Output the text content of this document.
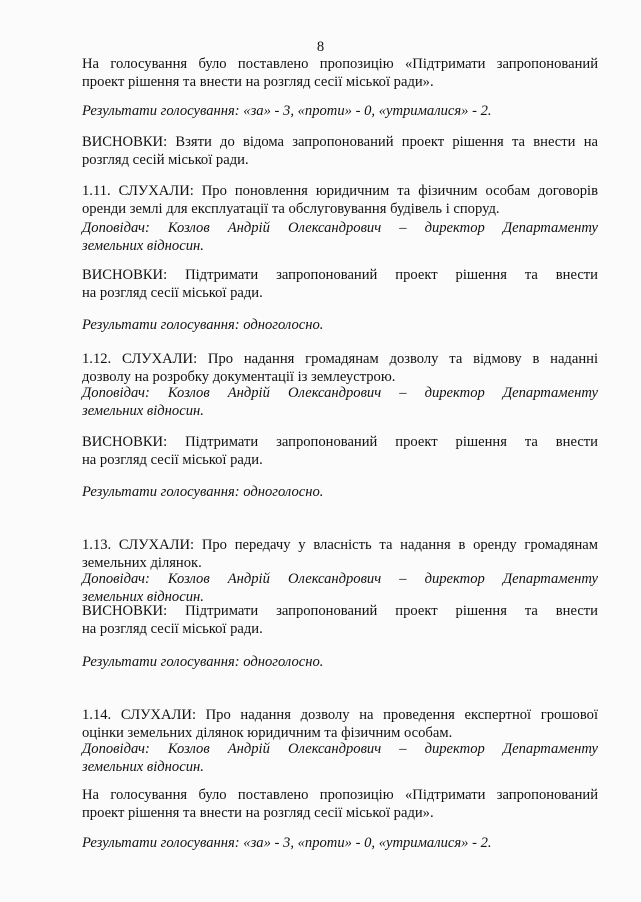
8
На голосування було поставлено пропозицію «Підтримати запропонований
проект рішення та внести на розгляд сесії міської ради».
Результати голосування: «за» - 3, «проти» - 0, «утрималися» - 2.
ВИСНОВКИ: Взяти до відома запропонований проект рішення та внести на
розгляд сесій міської ради.
1.11. СЛУХАЛИ: Про поновлення юридичним та фізичним особам договорів
оренди землі для експлуатації та обслуговування будівель і споруд.
Доповідач: Козлов Андрій Олександрович – директор Департаменту
земельних відносин.
ВИСНОВКИ: Підтримати запропонований проект рішення та внести
на розгляд сесії міської ради.
Результати голосування: одноголосно.
1.12. СЛУХАЛИ: Про надання громадянам дозволу та відмову в наданні
дозволу на розробку документації із землеустрою.
Доповідач: Козлов Андрій Олександрович – директор Департаменту
земельних відносин.
ВИСНОВКИ: Підтримати запропонований проект рішення та внести
на розгляд сесії міської ради.
Результати голосування: одноголосно.
1.13. СЛУХАЛИ: Про передачу у власність та надання в оренду громадянам
земельних ділянок.
Доповідач: Козлов Андрій Олександрович – директор Департаменту
земельних відносин.
ВИСНОВКИ: Підтримати запропонований проект рішення та внести
на розгляд сесії міської ради.
Результати голосування: одноголосно.
1.14. СЛУХАЛИ: Про надання дозволу на проведення експертної грошової
оцінки земельних ділянок юридичним та фізичним особам.
Доповідач: Козлов Андрій Олександрович – директор Департаменту
земельних відносин.
На голосування було поставлено пропозицію «Підтримати запропонований
проект рішення та внести на розгляд сесії міської ради».
Результати голосування: «за» - 3, «проти» - 0, «утрималися» - 2.
